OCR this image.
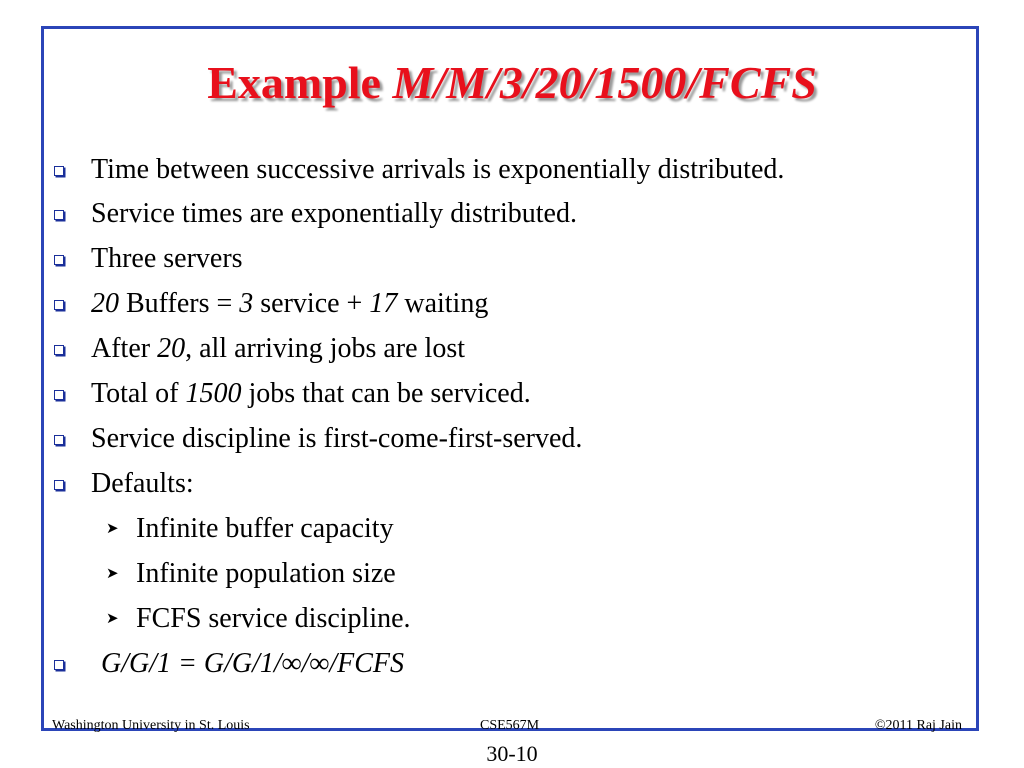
Example M/M/3/20/1500/FCFS
Time between successive arrivals is exponentially distributed.
Service times are exponentially distributed.
Three servers
20 Buffers = 3 service + 17 waiting
After 20, all arriving jobs are lost
Total of 1500 jobs that can be serviced.
Service discipline is first-come-first-served.
Defaults:
➤ Infinite buffer capacity
➤ Infinite population size
➤ FCFS service discipline.
G/G/1 = G/G/1/∞/∞/FCFS
Washington University in St. Louis	CSE567M	©2011 Raj Jain
30-10
